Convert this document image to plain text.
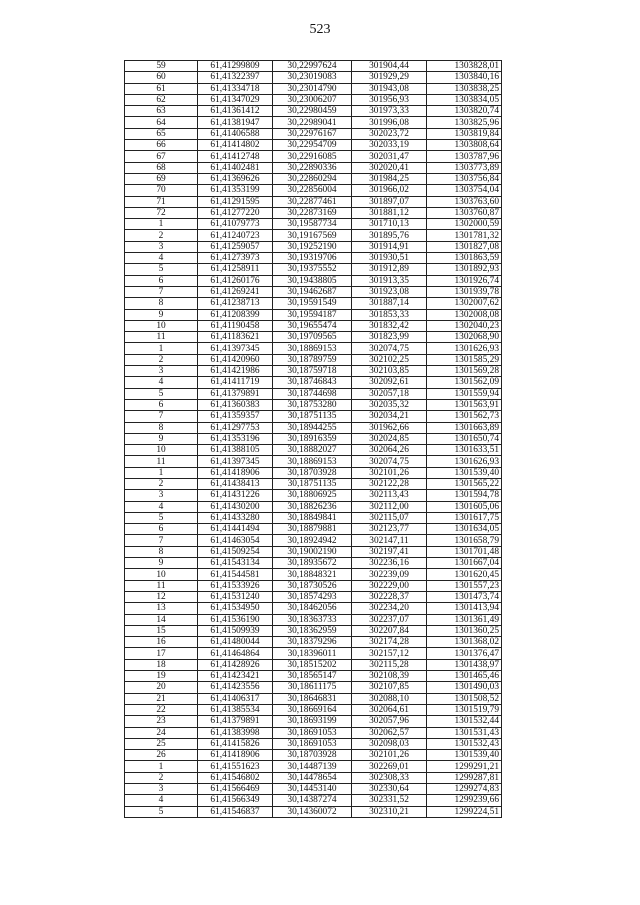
523
59	61,41299809	30,22997624	301904,44	1303828,01
60	61,41322397	30,23019083	301929,29	1303840,16
61	61,41334718	30,23014790	301943,08	1303838,25
62	61,41347029	30,23006207	301956,93	1303834,05
63	61,41361412	30,22980459	301973,33	1303820,74
64	61,41381947	30,22989041	301996,08	1303825,96
65	61,41406588	30,22976167	302023,72	1303819,84
66	61,41414802	30,22954709	302033,19	1303808,64
67	61,41412748	30,22916085	302031,47	1303787,96
68	61,41402481	30,22890336	302020,41	1303773,89
69	61,41369626	30,22860294	301984,25	1303756,84
70	61,41353199	30,22856004	301966,02	1303754,04
71	61,41291595	30,22877461	301897,07	1303763,60
72	61,41277220	30,22873169	301881,12	1303760,87
1	61,41079773	30,19587734	301710,13	1302000,59
2	61,41240723	30,19167569	301895,76	1301781,32
3	61,41259057	30,19252190	301914,91	1301827,08
4	61,41273973	30,19319706	301930,51	1301863,59
5	61,41258911	30,19375552	301912,89	1301892,93
6	61,41260176	30,19438805	301913,35	1301926,74
7	61,41269241	30,19462687	301923,08	1301939,78
8	61,41238713	30,19591549	301887,14	1302007,62
9	61,41208399	30,19594187	301853,33	1302008,08
10	61,41190458	30,19655474	301832,42	1302040,23
11	61,41183621	30,19709565	301823,99	1302068,90
1	61,41397345	30,18869153	302074,75	1301626,93
2	61,41420960	30,18789759	302102,25	1301585,29
3	61,41421986	30,18759718	302103,85	1301569,28
4	61,41411719	30,18746843	302092,61	1301562,09
5	61,41379891	30,18744698	302057,18	1301559,94
6	61,41360383	30,18753280	302035,32	1301563,91
7	61,41359357	30,18751135	302034,21	1301562,73
8	61,41297753	30,18944255	301962,66	1301663,89
9	61,41353196	30,18916359	302024,85	1301650,74
10	61,41388105	30,18882027	302064,26	1301633,51
11	61,41397345	30,18869153	302074,75	1301626,93
1	61,41418906	30,18703928	302101,26	1301539,40
2	61,41438413	30,18751135	302122,28	1301565,22
3	61,41431226	30,18806925	302113,43	1301594,78
4	61,41430200	30,18826236	302112,00	1301605,06
5	61,41433280	30,18849841	302115,07	1301617,75
6	61,41441494	30,18879881	302123,77	1301634,05
7	61,41463054	30,18924942	302147,11	1301658,79
8	61,41509254	30,19002190	302197,41	1301701,48
9	61,41543134	30,18935672	302236,16	1301667,04
10	61,41544581	30,18848321	302239,09	1301620,45
11	61,41533926	30,18730526	302229,00	1301557,23
12	61,41531240	30,18574293	302228,37	1301473,74
13	61,41534950	30,18462056	302234,20	1301413,94
14	61,41536190	30,18363733	302237,07	1301361,49
15	61,41509939	30,18362959	302207,84	1301360,25
16	61,41480044	30,18379296	302174,28	1301368,02
17	61,41464864	30,18396011	302157,12	1301376,47
18	61,41428926	30,18515202	302115,28	1301438,97
19	61,41423421	30,18565147	302108,39	1301465,46
20	61,41423556	30,18611175	302107,85	1301490,03
21	61,41406317	30,18646831	302088,10	1301508,52
22	61,41385534	30,18669164	302064,61	1301519,79
23	61,41379891	30,18693199	302057,96	1301532,44
24	61,41383998	30,18691053	302062,57	1301531,43
25	61,41415826	30,18691053	302098,03	1301532,43
26	61,41418906	30,18703928	302101,26	1301539,40
1	61,41551623	30,14487139	302269,01	1299291,21
2	61,41546802	30,14478654	302308,33	1299287,81
3	61,41566469	30,14453140	302330,64	1299274,83
4	61,41566349	30,14387274	302331,52	1299239,66
5	61,41546837	30,14360072	302310,21	1299224,51
